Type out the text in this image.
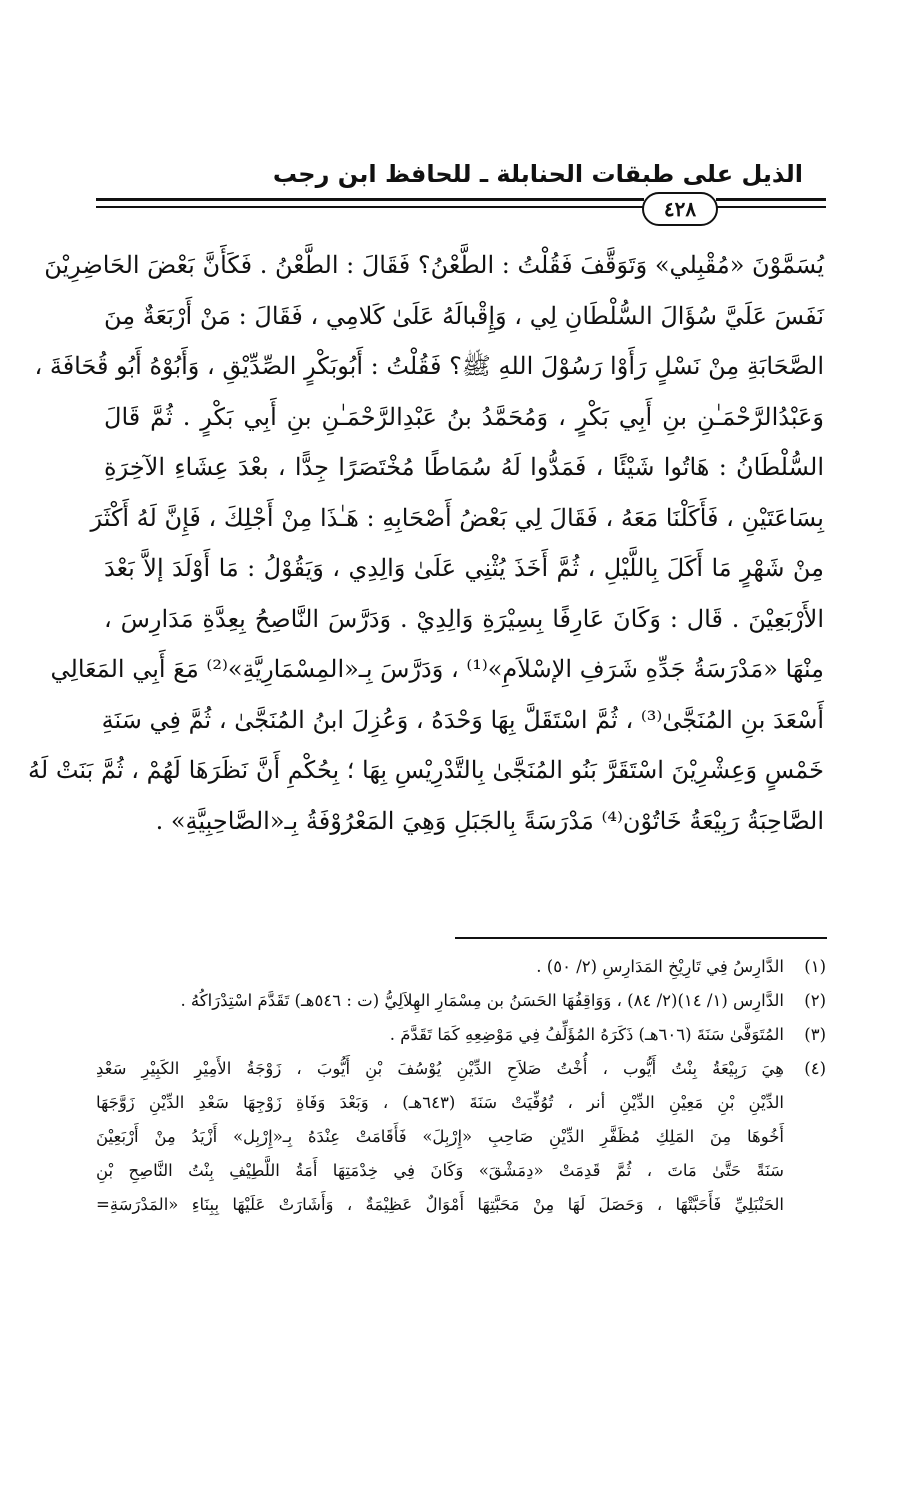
الذيل على طبقات الحنابلة ـ للحافظ ابن رجب
٤٢٨
يُسَمَّوْنَ «مُقْبِلي» وَتَوَقَّفَ فَقُلْتُ : الطَّعْنُ؟ فَقَالَ : الطَّعْنُ . فَكَأَنَّ بَعْضَ الحَاضِرِيْنَ
نَفَسَ عَلَيَّ سُؤَالَ السُّلْطَانِ لِي ، وَإِقْبالَهُ عَلَىٰ كَلامِي ، فَقَالَ : مَنْ أَرْبَعَةٌ مِنَ
الصَّحَابَةِ مِنْ نَسْلٍ رَأَوْا رَسُوْلَ اللهِ ﷺ؟ فَقُلْتُ : أَبُوبَكْرٍ الصِّدِّيْقِ ، وَأَبُوْهُ أَبُو قُحَافَةَ ،
وَعَبْدُالرَّحْمَـٰنِ بنِ أَبِي بَكْرٍ ، وَمُحَمَّدُ بنُ عَبْدِالرَّحْمَـٰنِ بنِ أَبِي بَكْرٍ . ثُمَّ قَالَ
السُّلْطَانُ : هَاتُوا شَيْئًا ، فَمَدُّوا لَهُ سُمَاطًا مُخْتَصَرًا جِدًّا ، بعْدَ عِشَاءِ الآخِرَةِ
بِسَاعَتَيْنِ ، فَأَكَلْنَا مَعَهُ ، فَقَالَ لِي بَعْضُ أَصْحَابِهِ : هَـٰذَا مِنْ أَجْلِكَ ، فَإِنَّ لَهُ أَكْثَرَ
مِنْ شَهْرٍ مَا أَكَلَ بِاللَّيْلِ ، ثُمَّ أَخَذَ يُثْنِي عَلَىٰ وَالِدِي ، وَيَقُوْلُ : مَا أَوْلَدَ إلاَّ بَعْدَ
الأَرْبَعِيْنَ . قَال : وَكَانَ عَارِفًا بِسِيْرَةِ وَالِدِيْ . وَدَرَّسَ النَّاصِحُ بِعِدَّةِ مَدَارِسَ ،
مِنْهَا «مَدْرَسَةُ جَدِّهِ شَرَفِ الإسْلاَمِ»⁽¹⁾ ، وَدَرَّسَ بِـ«المِسْمَارِيَّةِ»⁽²⁾ مَعَ أَبِي المَعَالِي
أَسْعَدَ بنِ المُنَجَّىٰ⁽³⁾ ، ثُمَّ اسْتَقَلَّ بِهَا وَحْدَهُ ، وَعُزِلَ ابنُ المُنَجَّىٰ ، ثُمَّ فِي سَنَةِ
خَمْسٍ وَعِشْرِيْنَ اسْتَقَرَّ بَنُو المُنَجَّىٰ بِالتَّدْرِيْسِ بِهَا ؛ بِحُكْمِ أَنَّ نَظَرَهَا لَهُمْ ، ثُمَّ بَنَتْ لَهُ
الصَّاحِبَةُ رَبِيْعَةُ خَاتُوْن⁽⁴⁾ مَدْرَسَةً بِالجَبَلِ وَهِيَ المَعْرُوْفَةُ بِـ«الصَّاحِبِيَّةِ» .
(١)
الدَّارِسُ فِي تَارِيْخِ المَدَارِسِ (٢/ ٥٠) .
(٢)
الدَّارِس (١/ ١٤)(٢/ ٨٤) ، وَوَاقِفُهَا الحَسَنُ بن مِسْمَارِ الهِلاَلِيُّ (ت : ٥٤٦هـ) تَقَدَّمَ اسْتِدْرَاكُهُ .
(٣)
المُتَوَفَّىٰ سَنَةَ (٦٠٦هـ) ذَكَرَهُ المُؤَلِّفُ فِي مَوْضِعِهِ كَمَا تَقَدَّمَ .
(٤)
هِيَ رَبِيْعَةُ بِنْتُ أَيُّوب ، أُخْتُ صَلاَحِ الدِّيْنِ يُوْسُفَ بْنِ أَيُّوبَ ، زَوْجَةُ الأَمِيْرِ الكَبِيْرِ سَعْدِ
الدِّيْنِ بْنِ مَعِيْنِ الدِّيْنِ أنر ، تُوُفِّيَتْ سَنَةَ (٦٤٣هـ) ، وَبَعْدَ وَفَاةِ زَوْجِهَا سَعْدِ الدِّيْنِ زَوَّجَهَا
أَخُوهَا مِنَ المَلِكِ مُظَفَّرِ الدِّيْنِ صَاحِبِ «إِرْبِلَ» فَأَقَامَتْ عِنْدَهُ بِـ«إِرْبِل» أَزْيَدُ مِنْ أَرْبَعِيْنَ
سَنَةً حَتَّىٰ مَاتَ ، ثُمَّ قَدِمَتْ «دِمَشْقَ» وَكَانَ فِي خِدْمَتِهَا أَمَةُ اللَّطِيْفِ بِنْتُ النَّاصِحِ بْنِ
الحَنْبَلِيِّ فَأَحَبَّتْهَا ، وَحَصَلَ لَهَا مِنْ مَحَبَّتِهَا أَمْوَالٌ عَظِيْمَةٌ ، وَأَشَارَتْ عَلَيْهَا بِبِنَاءِ «المَدْرَسَةِ=
